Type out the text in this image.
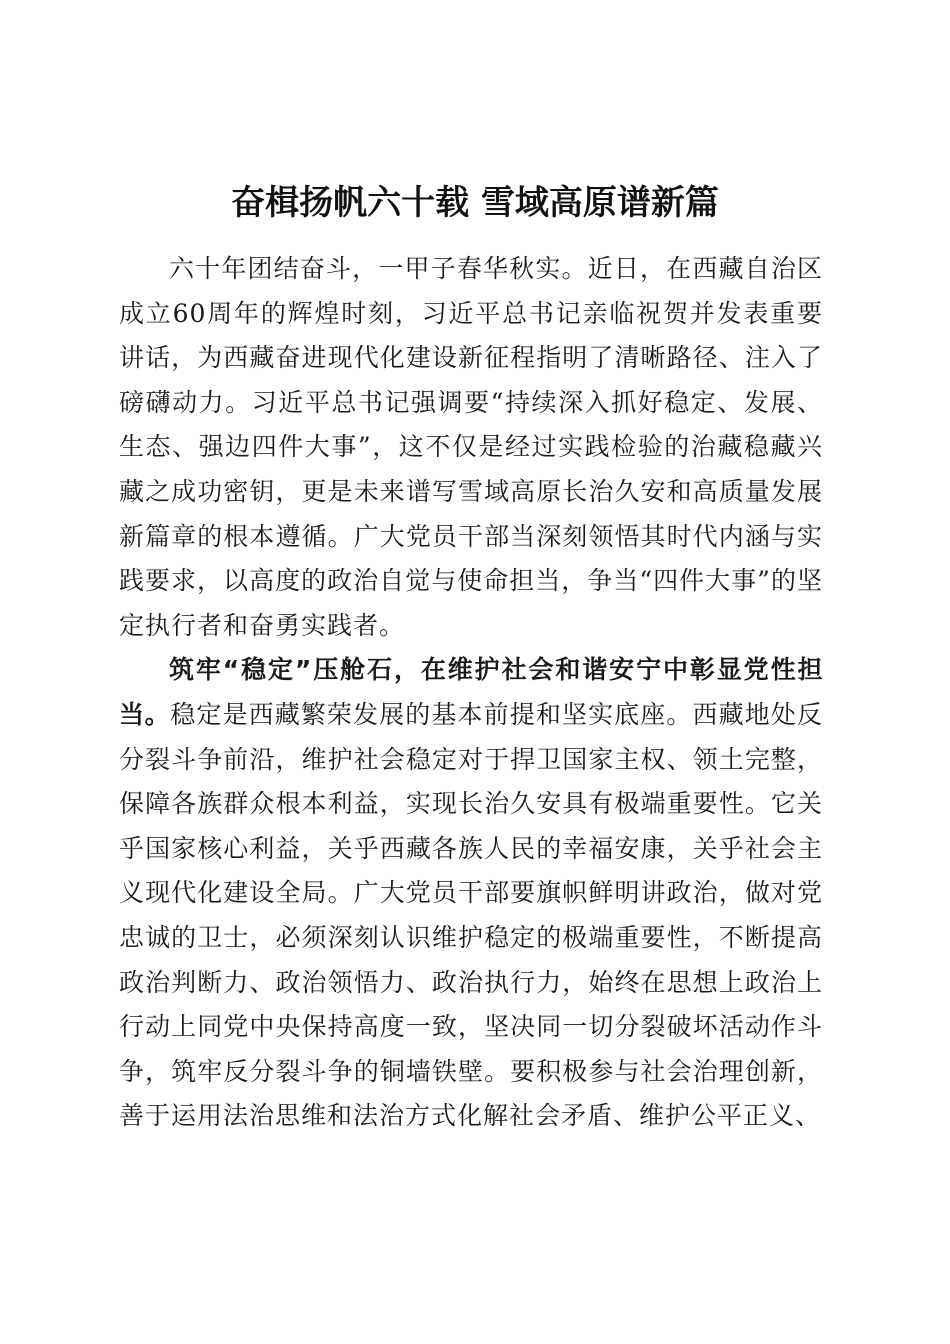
奋楫扬帆六十载 雪域高原谱新篇

六十年团结奋斗，一甲子春华秋实。近日，在西藏自治区成立60周年的辉煌时刻，习近平总书记亲临祝贺并发表重要讲话，为西藏奋进现代化建设新征程指明了清晰路径、注入了磅礴动力。习近平总书记强调要“持续深入抓好稳定、发展、生态、强边四件大事”，这不仅是经过实践检验的治藏稳藏兴藏之成功密钥，更是未来谱写雪域高原长治久安和高质量发展新篇章的根本遵循。广大党员干部当深刻领悟其时代内涵与实践要求，以高度的政治自觉与使命担当，争当“四件大事”的坚定执行者和奋勇实践者。

筑牢“稳定”压舱石，在维护社会和谐安宁中彰显党性担当。稳定是西藏繁荣发展的基本前提和坚实底座。西藏地处反分裂斗争前沿，维护社会稳定对于捍卫国家主权、领土完整，保障各族群众根本利益，实现长治久安具有极端重要性。它关乎国家核心利益，关乎西藏各族人民的幸福安康，关乎社会主义现代化建设全局。广大党员干部要旗帜鲜明讲政治，做对党忠诚的卫士，必须深刻认识维护稳定的极端重要性，不断提高政治判断力、政治领悟力、政治执行力，始终在思想上政治上行动上同党中央保持高度一致，坚决同一切分裂破坏活动作斗争，筑牢反分裂斗争的铜墙铁壁。要积极参与社会治理创新，善于运用法治思维和法治方式化解社会矛盾、维护公平正义、
